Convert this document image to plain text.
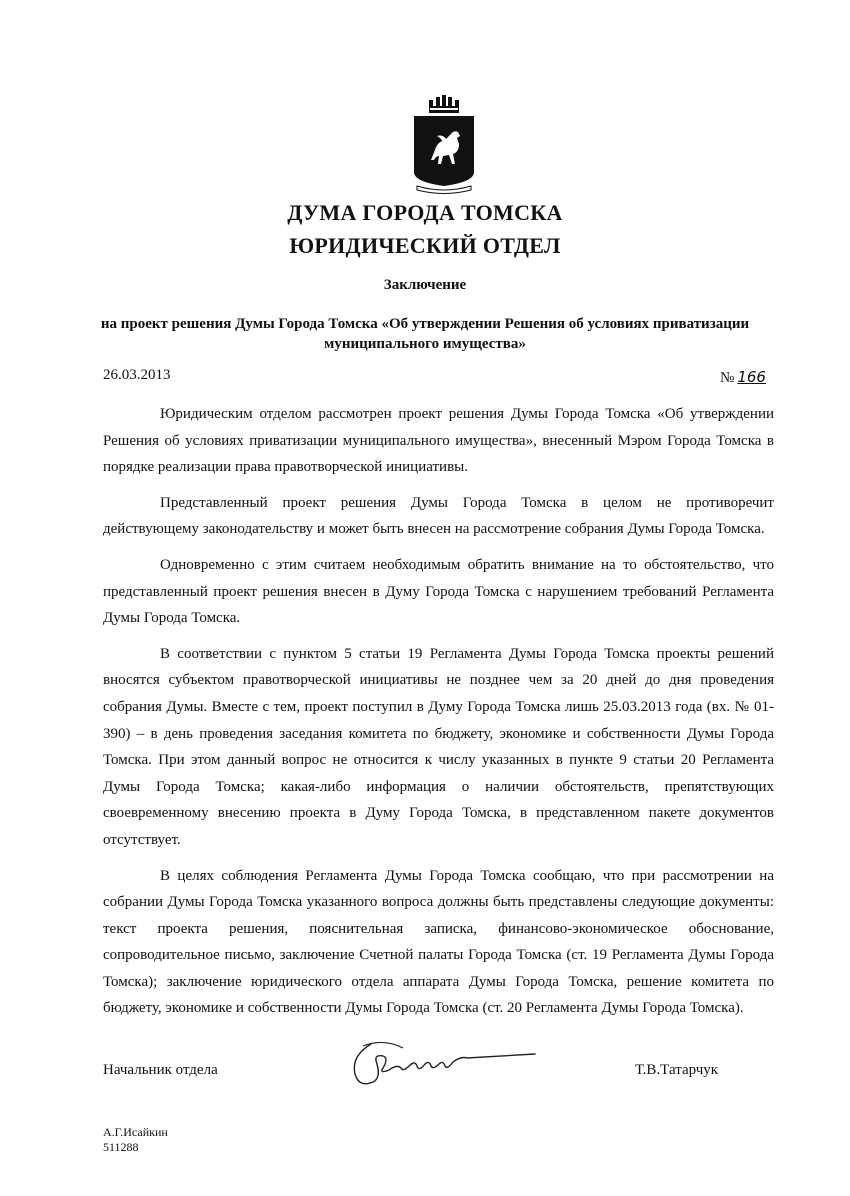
ДУМА ГОРОДА ТОМСКА
ЮРИДИЧЕСКИЙ ОТДЕЛ
Заключение
на проект решения Думы Города Томска «Об утверждении Решения об условиях приватизации муниципального имущества»
26.03.2013	№ 166

Юридическим отделом рассмотрен проект решения Думы Города Томска «Об утверждении Решения об условиях приватизации муниципального имущества», внесенный Мэром Города Томска в порядке реализации права правотворческой инициативы.

Представленный проект решения Думы Города Томска в целом не противоречит действующему законодательству и может быть внесен на рассмотрение собрания Думы Города Томска.

Одновременно с этим считаем необходимым обратить внимание на то обстоятельство, что представленный проект решения внесен в Думу Города Томска с нарушением требований Регламента Думы Города Томска.

В соответствии с пунктом 5 статьи 19 Регламента Думы Города Томска проекты решений вносятся субъектом правотворческой инициативы не позднее чем за 20 дней до дня проведения собрания Думы. Вместе с тем, проект поступил в Думу Города Томска лишь 25.03.2013 года (вх. № 01-390) – в день проведения заседания комитета по бюджету, экономике и собственности Думы Города Томска. При этом данный вопрос не относится к числу указанных в пункте 9 статьи 20 Регламента Думы Города Томска; какая-либо информация о наличии обстоятельств, препятствующих своевременному внесению проекта в Думу Города Томска, в представленном пакете документов отсутствует.

В целях соблюдения Регламента Думы Города Томска сообщаю, что при рассмотрении на собрании Думы Города Томска указанного вопроса должны быть представлены следующие документы: текст проекта решения, пояснительная записка, финансово-экономическое обоснование, сопроводительное письмо, заключение Счетной палаты Города Томска (ст. 19 Регламента Думы Города Томска); заключение юридического отдела аппарата Думы Города Томска, решение комитета по бюджету, экономике и собственности Думы Города Томска (ст. 20 Регламента Думы Города Томска).

Начальник отдела	Т.В.Татарчук
А.Г.Исайкин
511288
